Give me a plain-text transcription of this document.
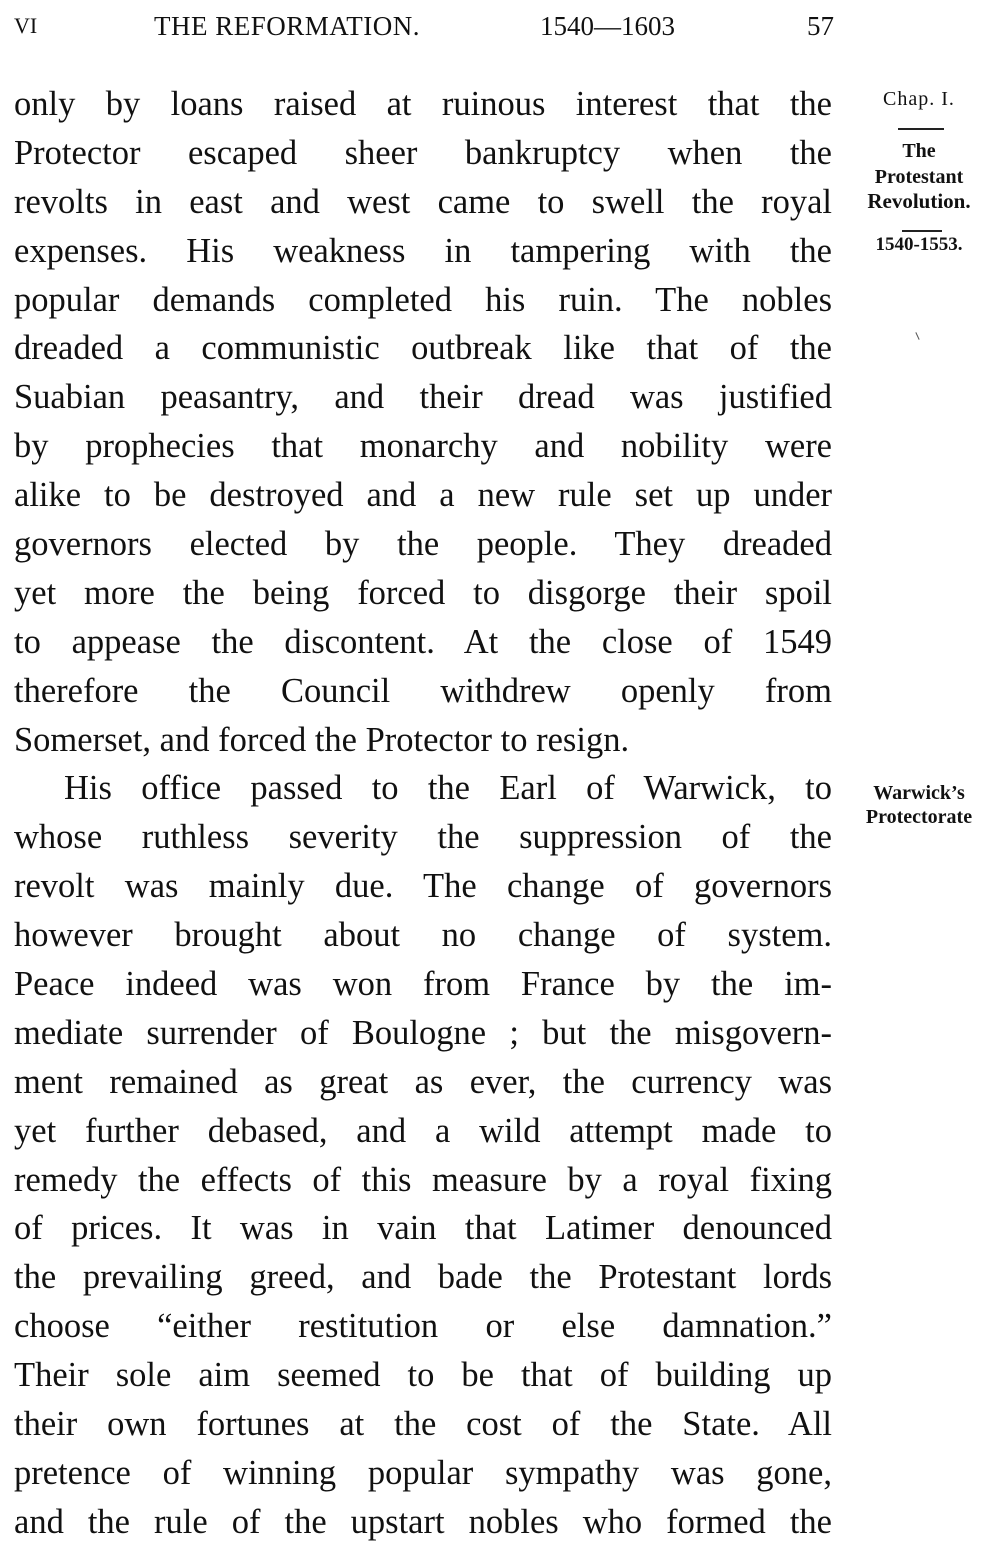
VI	THE REFORMATION.	1540—1603	57
only by loans raised at ruinous interest that the
Protector escaped sheer bankruptcy when the
revolts in east and west came to swell the royal
expenses. His weakness in tampering with the
popular demands completed his ruin. The nobles
dreaded a communistic outbreak like that of the
Suabian peasantry, and their dread was justified
by prophecies that monarchy and nobility were
alike to be destroyed and a new rule set up under
governors elected by the people. They dreaded
yet more the being forced to disgorge their spoil
to appease the discontent. At the close of 1549
therefore the Council withdrew openly from
Somerset, and forced the Protector to resign.
His office passed to the Earl of Warwick, to
whose ruthless severity the suppression of the
revolt was mainly due. The change of governors
however brought about no change of system.
Peace indeed was won from France by the im-
mediate surrender of Boulogne ; but the misgovern-
ment remained as great as ever, the currency was
yet further debased, and a wild attempt made to
remedy the effects of this measure by a royal fixing
of prices. It was in vain that Latimer denounced
the prevailing greed, and bade the Protestant lords
choose “either restitution or else damnation.”
Their sole aim seemed to be that of building up
their own fortunes at the cost of the State. All
pretence of winning popular sympathy was gone,
and the rule of the upstart nobles who formed the
Chap. I.
The
Protestant
Revolution.
1540-1553.
Warwick’s
Protectorate
